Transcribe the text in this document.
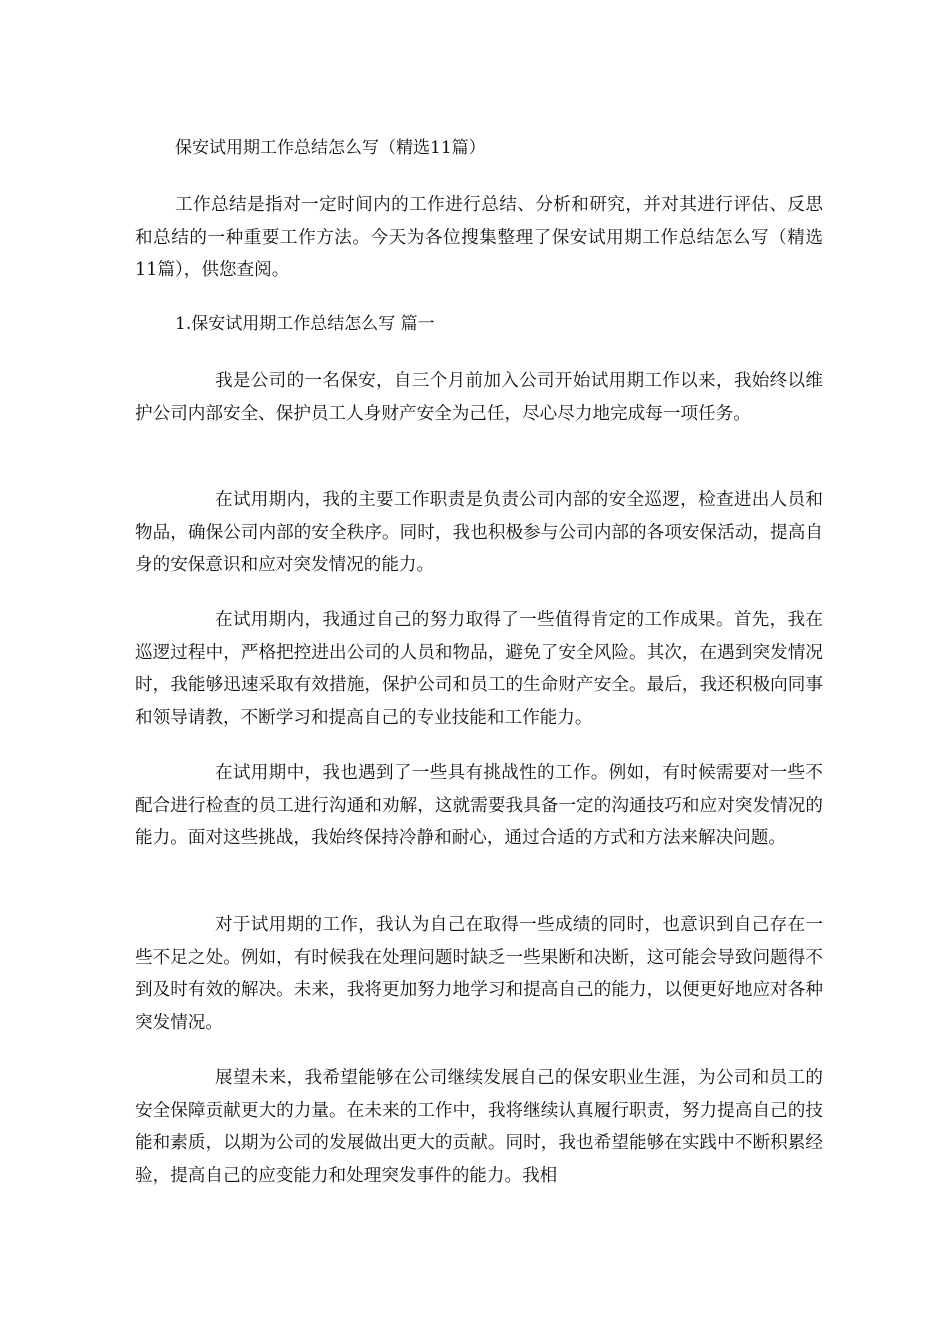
保安试用期工作总结怎么写（精选11篇）

工作总结是指对一定时间内的工作进行总结、分析和研究，并对其进行评估、反思和总结的一种重要工作方法。今天为各位搜集整理了保安试用期工作总结怎么写（精选11篇），供您查阅。

1.保安试用期工作总结怎么写 篇一

我是公司的一名保安，自三个月前加入公司开始试用期工作以来，我始终以维护公司内部安全、保护员工人身财产安全为己任，尽心尽力地完成每一项任务。

在试用期内，我的主要工作职责是负责公司内部的安全巡逻，检查进出人员和物品，确保公司内部的安全秩序。同时，我也积极参与公司内部的各项安保活动，提高自身的安保意识和应对突发情况的能力。

在试用期内，我通过自己的努力取得了一些值得肯定的工作成果。首先，我在巡逻过程中，严格把控进出公司的人员和物品，避免了安全风险。其次，在遇到突发情况时，我能够迅速采取有效措施，保护公司和员工的生命财产安全。最后，我还积极向同事和领导请教，不断学习和提高自己的专业技能和工作能力。

在试用期中，我也遇到了一些具有挑战性的工作。例如，有时候需要对一些不配合进行检查的员工进行沟通和劝解，这就需要我具备一定的沟通技巧和应对突发情况的能力。面对这些挑战，我始终保持冷静和耐心，通过合适的方式和方法来解决问题。

对于试用期的工作，我认为自己在取得一些成绩的同时，也意识到自己存在一些不足之处。例如，有时候我在处理问题时缺乏一些果断和决断，这可能会导致问题得不到及时有效的解决。未来，我将更加努力地学习和提高自己的能力，以便更好地应对各种突发情况。

展望未来，我希望能够在公司继续发展自己的保安职业生涯，为公司和员工的安全保障贡献更大的力量。在未来的工作中，我将继续认真履行职责，努力提高自己的技能和素质，以期为公司的发展做出更大的贡献。同时，我也希望能够在实践中不断积累经验，提高自己的应变能力和处理突发事件的能力。我相
